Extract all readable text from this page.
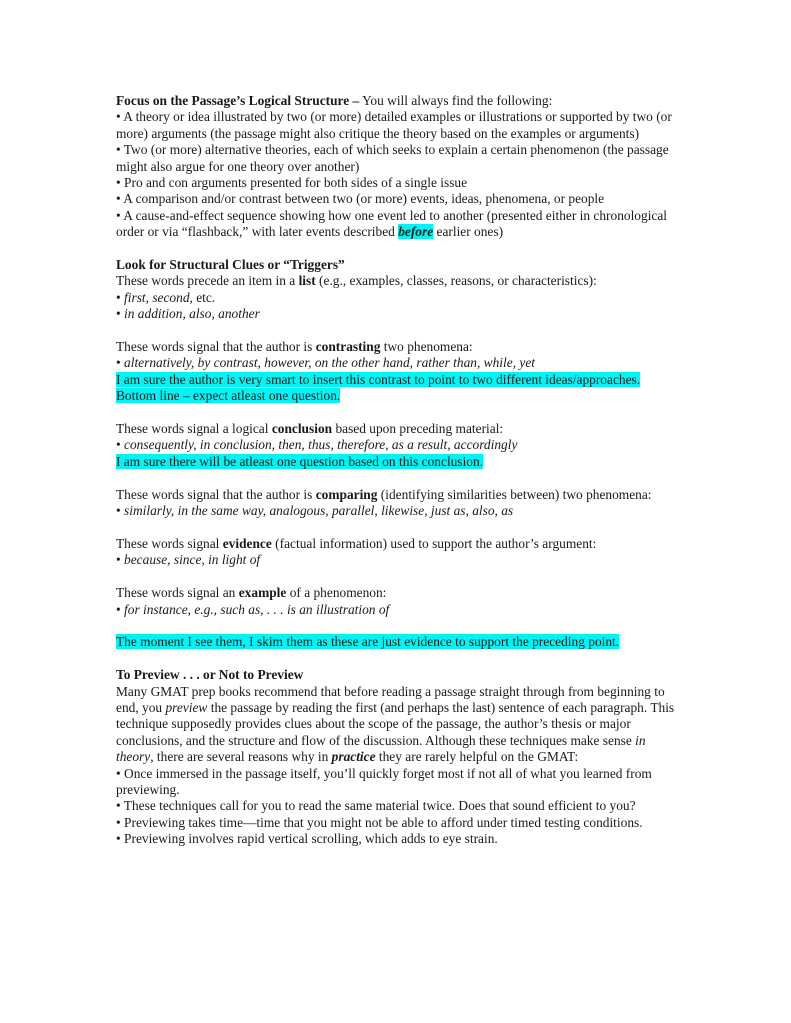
Focus on the Passage’s Logical Structure – You will always find the following:

• A theory or idea illustrated by two (or more) detailed examples or illustrations or supported by two (or more) arguments (the passage might also critique the theory based on the examples or arguments)

• Two (or more) alternative theories, each of which seeks to explain a certain phenomenon (the passage might also argue for one theory over another)

• Pro and con arguments presented for both sides of a single issue

• A comparison and/or contrast between two (or more) events, ideas, phenomena, or people

• A cause-and-effect sequence showing how one event led to another (presented either in chronological order or via “flashback,” with later events described before earlier ones)

Look for Structural Clues or “Triggers”

These words precede an item in a list (e.g., examples, classes, reasons, or characteristics):

• first, second, etc.

• in addition, also, another

These words signal that the author is contrasting two phenomena:

• alternatively, by contrast, however, on the other hand, rather than, while, yet

I am sure the author is very smart to insert this contrast to point to two different ideas/approaches.

Bottom line – expect atleast one question.

These words signal a logical conclusion based upon preceding material:

• consequently, in conclusion, then, thus, therefore, as a result, accordingly

I am sure there will be atleast one question based on this conclusion.

These words signal that the author is comparing (identifying similarities between) two phenomena:

• similarly, in the same way, analogous, parallel, likewise, just as, also, as

These words signal evidence (factual information) used to support the author’s argument:

• because, since, in light of

These words signal an example of a phenomenon:

• for instance, e.g., such as, . . . is an illustration of

The moment I see them, I skim them as these are just evidence to support the preceding point.

To Preview . . . or Not to Preview

Many GMAT prep books recommend that before reading a passage straight through from beginning to end, you preview the passage by reading the first (and perhaps the last) sentence of each paragraph. This technique supposedly provides clues about the scope of the passage, the author’s thesis or major conclusions, and the structure and flow of the discussion. Although these techniques make sense in theory, there are several reasons why in practice they are rarely helpful on the GMAT:

• Once immersed in the passage itself, you’ll quickly forget most if not all of what you learned from previewing.

• These techniques call for you to read the same material twice. Does that sound efficient to you?

• Previewing takes time—time that you might not be able to afford under timed testing conditions.

• Previewing involves rapid vertical scrolling, which adds to eye strain.
